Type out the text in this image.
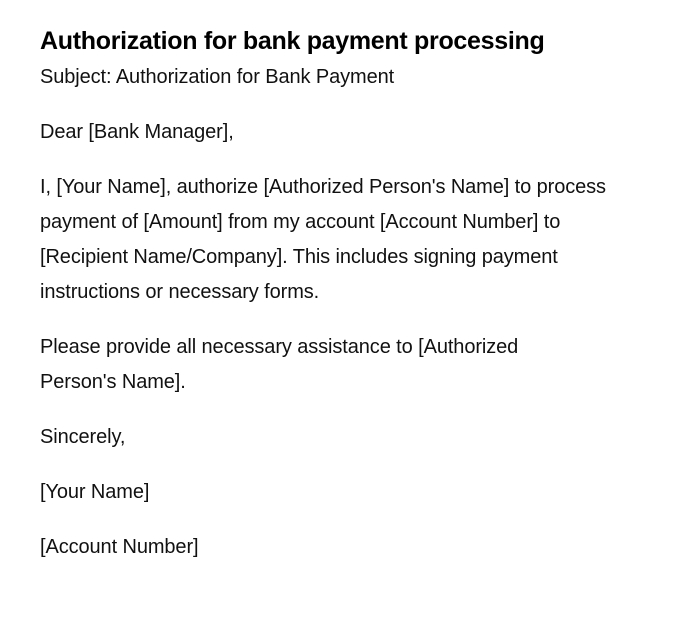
Authorization for bank payment processing

Subject: Authorization for Bank Payment

Dear [Bank Manager],

I, [Your Name], authorize [Authorized Person's Name] to process payment of [Amount] from my account [Account Number] to [Recipient Name/Company]. This includes signing payment instructions or necessary forms.

Please provide all necessary assistance to [Authorized Person's Name].

Sincerely,

[Your Name]

[Account Number]
